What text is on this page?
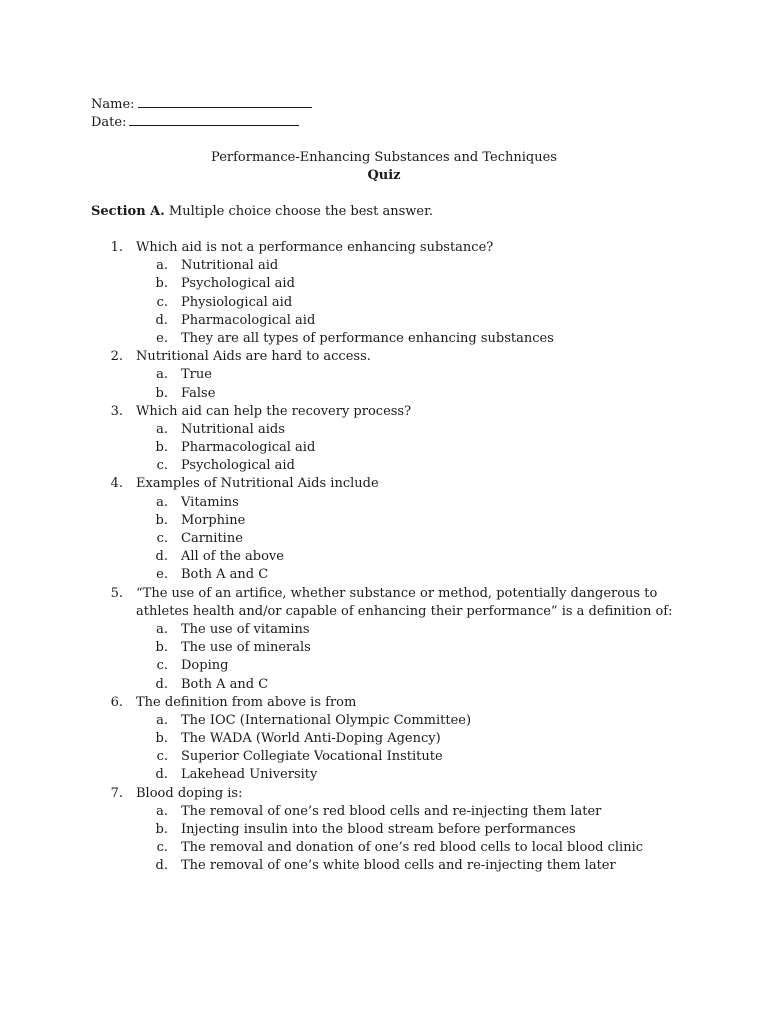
Name:
Date:
Performance-Enhancing Substances and Techniques
Quiz
Section A. Multiple choice choose the best answer.
1. Which aid is not a performance enhancing substance?
a. Nutritional aid
b. Psychological aid
c. Physiological aid
d. Pharmacological aid
e. They are all types of performance enhancing substances
2. Nutritional Aids are hard to access.
a. True
b. False
3. Which aid can help the recovery process?
a. Nutritional aids
b. Pharmacological aid
c. Psychological aid
4. Examples of Nutritional Aids include
a. Vitamins
b. Morphine
c. Carnitine
d. All of the above
e. Both A and C
5. “The use of an artifice, whether substance or method, potentially dangerous to
athletes health and/or capable of enhancing their performance” is a definition of:
a. The use of vitamins
b. The use of minerals
c. Doping
d. Both A and C
6. The definition from above is from
a. The IOC (International Olympic Committee)
b. The WADA (World Anti-Doping Agency)
c. Superior Collegiate Vocational Institute
d. Lakehead University
7. Blood doping is:
a. The removal of one’s red blood cells and re-injecting them later
b. Injecting insulin into the blood stream before performances
c. The removal and donation of one’s red blood cells to local blood clinic
d. The removal of one’s white blood cells and re-injecting them later
